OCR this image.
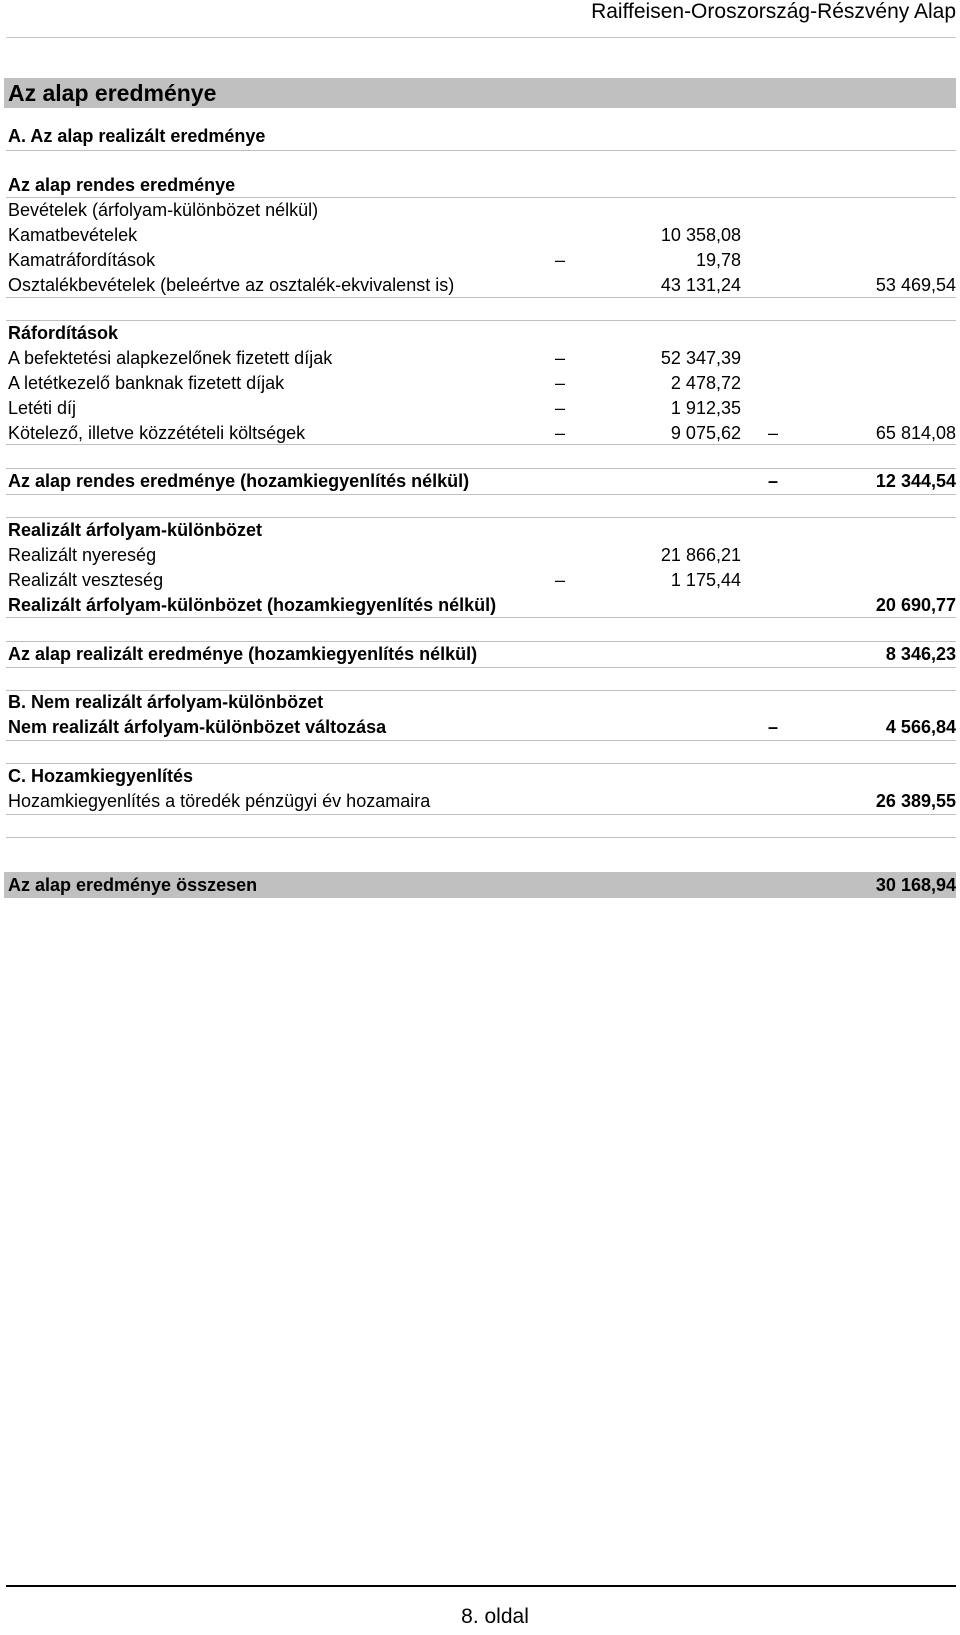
Raiffeisen-Oroszország-Részvény Alap
Az alap eredménye
A. Az alap realizált eredménye
Az alap rendes eredménye
Bevételek (árfolyam-különbözet nélkül)
Kamatbevételek	10 358,08
Kamatráfordítások	–	19,78
Osztalékbevételek (beleértve az osztalék-ekvivalenst is)	43 131,24	53 469,54
Ráfordítások
A befektetési alapkezelőnek fizetett díjak	–	52 347,39
A letétkezelő banknak fizetett díjak	–	2 478,72
Letéti díj	–	1 912,35
Kötelező, illetve közzétételi költségek	–	9 075,62 –	65 814,08
Az alap rendes eredménye (hozamkiegyenlítés nélkül)	–	12 344,54
Realizált árfolyam-különbözet
Realizált nyereség	21 866,21
Realizált veszteség	–	1 175,44
Realizált árfolyam-különbözet (hozamkiegyenlítés nélkül)	20 690,77
Az alap realizált eredménye (hozamkiegyenlítés nélkül)	8 346,23
B. Nem realizált árfolyam-különbözet
Nem realizált árfolyam-különbözet változása	–	4 566,84
C. Hozamkiegyenlítés
Hozamkiegyenlítés a töredék pénzügyi év hozamaira	26 389,55
Az alap eredménye összesen	30 168,94
8. oldal
